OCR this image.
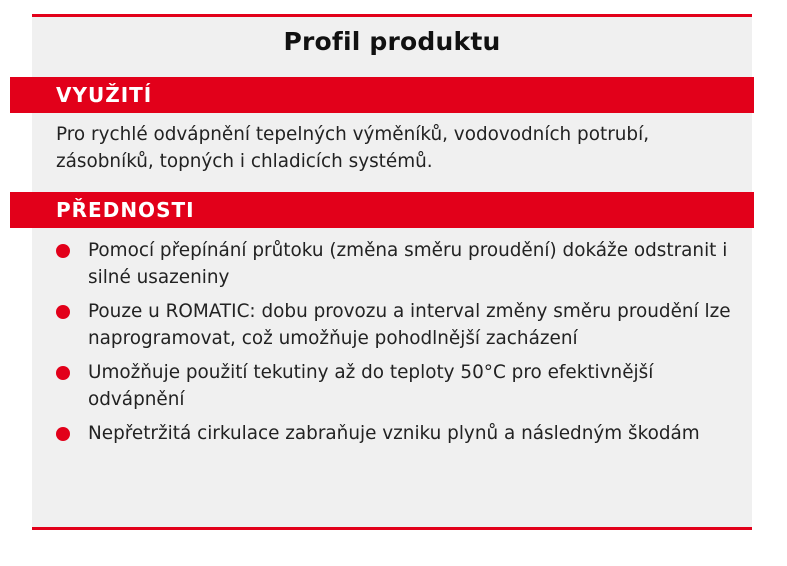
Profil produktu
VYUŽITÍ
Pro rychlé odvápnění tepelných výměníků, vodovodních potrubí, zásobníků, topných i chladicích systémů.
PŘEDNOSTI
Pomocí přepínání průtoku (změna směru proudění) dokáže odstranit i silné usazeniny
Pouze u ROMATIC: dobu provozu a interval změny směru proudění lze naprogramovat, což umožňuje pohodlnější zacházení
Umožňuje použití tekutiny až do teploty 50°C pro efektivnější odvápnění
Nepřetržitá cirkulace zabraňuje vzniku plynů a následným škodám
